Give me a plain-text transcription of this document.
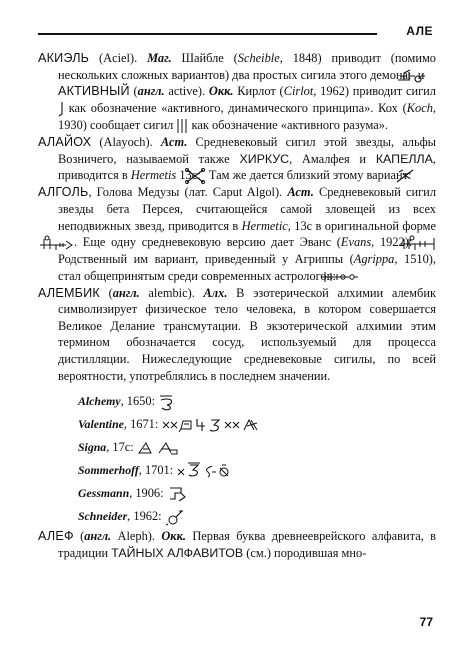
АЛЕ

АКИЭЛЬ (Aciel). Маг. Шайбле (Scheible, 1848) приводит (помимо нескольких сложных вариантов) два простых сигила этого демона:  и

АКТИВНЫЙ (англ. active). Окк. Кирлот (Cirlot, 1962) приводит сигил  как обозначение «активного, динамического принципа». Кох (Koch, 1930) сообщает сигил  как обозначение «активного разума».

АЛАЙОХ (Alayoch). Аст. Средневековый сигил этой звезды, альфы Возничего, называемой также ХИРКУС, Амалфея и КАПЕЛЛА, приводится в Hermetis 13с:  Там же дается близкий этому вариант:

АЛГОЛЬ, Голова Медузы (лат. Caput Algol). Аст. Средневековый сигил звезды бета Персея, считающейся самой зловещей из всех неподвижных звезд, приводится в Hermetic, 13с в оригинальной форме . Еще одну средневековую версию дает Эванс (Evans, 1922):  Родственный им вариант, приведенный у Агриппы (Agrippa, 1510), стал общепринятым среди современных астрологов:

АЛЕМБИК (англ. alembic). Алх. В эзотерической алхимии алембик символизирует физическое тело человека, в котором совершается Великое Делание трансмутации. В экзотерической алхимии этим термином обозначается сосуд, используемый для процесса дистилляции. Нижеследующие средневековые сигилы, по всей вероятности, употреблялись в последнем значении.

Alchemy, 1650:
Valentine, 1671:
Signa, 17с:
Sommerhoff, 1701:
Gessmann, 1906:
Schneider, 1962:

АЛЕФ (англ. Aleph). Окк. Первая буква древнееврейского алфавита, в традиции ТАЙНЫХ АЛФАВИТОВ (см.) породившая мно-

77
